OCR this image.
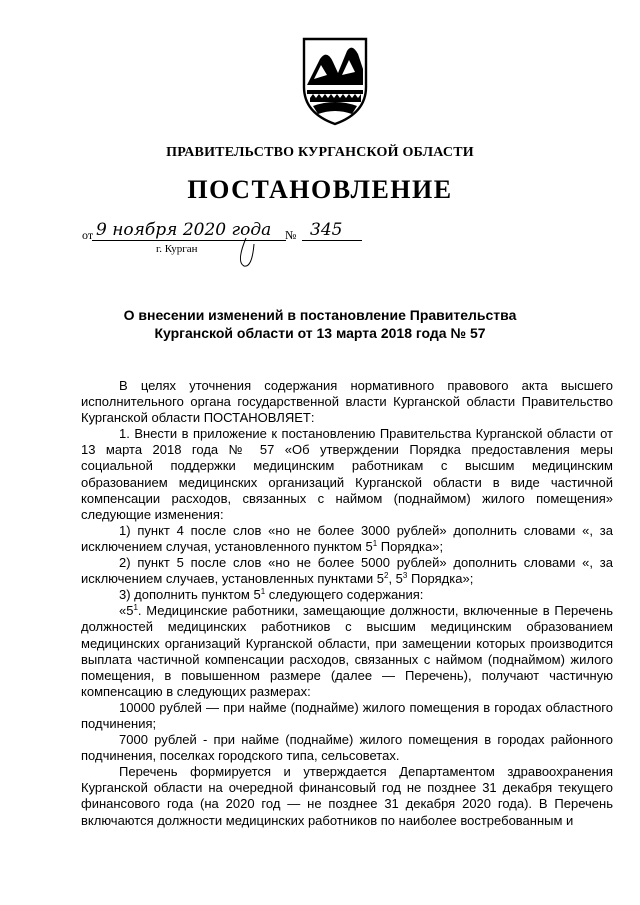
ПРАВИТЕЛЬСТВО КУРГАНСКОЙ ОБЛАСТИ
ПОСТАНОВЛЕНИЕ
от 9 ноября 2020 года	№ 345
г. Курган
О внесении изменений в постановление Правительства
Курганской области от 13 марта 2018 года № 57

В целях уточнения содержания нормативного правового акта высшего исполнительного органа государственной власти Курганской области Правительство Курганской области ПОСТАНОВЛЯЕТ:

1. Внести в приложение к постановлению Правительства Курганской области от 13 марта 2018 года № 57 «Об утверждении Порядка предоставления меры социальной поддержки медицинским работникам с высшим медицинским образованием медицинских организаций Курганской области в виде частичной компенсации расходов, связанных с наймом (поднаймом) жилого помещения» следующие изменения:

1) пункт 4 после слов «но не более 3000 рублей» дополнить словами «, за исключением случая, установленного пунктом $5^1$ Порядка»;

2) пункт 5 после слов «но не более 5000 рублей» дополнить словами «, за исключением случаев, установленных пунктами $5^2$, $5^3$ Порядка»;

3) дополнить пунктом $5^1$ следующего содержания:

«$5^1$. Медицинские работники, замещающие должности, включенные в Перечень должностей медицинских работников с высшим медицинским образованием медицинских организаций Курганской области, при замещении которых производится выплата частичной компенсации расходов, связанных с наймом (поднаймом) жилого помещения, в повышенном размере (далее — Перечень), получают частичную компенсацию в следующих размерах:

10000 рублей — при найме (поднайме) жилого помещения в городах областного подчинения;

7000 рублей - при найме (поднайме) жилого помещения в городах районного подчинения, поселках городского типа, сельсоветах.

Перечень формируется и утверждается Департаментом здравоохранения Курганской области на очередной финансовый год не позднее 31 декабря текущего финансового года (на 2020 год — не позднее 31 декабря 2020 года). В Перечень включаются должности медицинских работников по наиболее востребованным и
